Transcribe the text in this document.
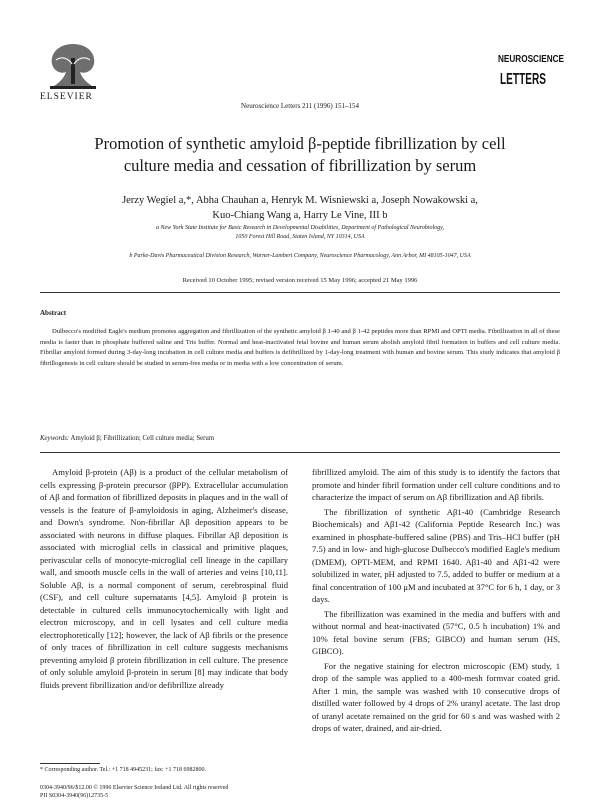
ELSEVIER
Neuroscience Letters 211 (1996) 151–154
NEUROSCIENCE
LETTERS
Promotion of synthetic amyloid β-peptide fibrillization by cell
culture media and cessation of fibrillization by serum
Jerzy Wegiel a,*, Abha Chauhan a, Henryk M. Wisniewski a, Joseph Nowakowski a,
Kuo-Chiang Wang a, Harry Le Vine, III b
a New York State Institute for Basic Research in Developmental Disabilities, Department of Pathological Neurobiology,
1050 Forest Hill Road, Staten Island, NY 10314, USA
b Parke-Davis Pharmaceutical Division Research, Warner-Lambert Company, Neuroscience Pharmacology, Ann Arbor, MI 48105-1047, USA
Received 10 October 1995; revised version received 15 May 1996; accepted 21 May 1996
Abstract
Dulbecco's modified Eagle's medium promotes aggregation and fibrillization of the synthetic amyloid β 1-40 and β 1-42 peptides more than RPMI and OPTI media. Fibrillization in all of these media is faster than in phosphate buffered saline and Tris buffer. Normal and heat-inactivated fetal bovine and human serum abolish amyloid fibril formation in buffers and cell culture media. Fibrillar amyloid formed during 3-day-long incubation in cell culture media and buffers is defibrillized by 1-day-long treatment with human and bovine serum. This study indicates that amyloid β fibrillogenesis in cell culture should be studied in serum-free media or in media with a low concentration of serum.
Keywords: Amyloid β; Fibrillization; Cell culture media; Serum

Amyloid β-protein (Aβ) is a product of the cellular metabolism of cells expressing β-protein precursor (βPP). Extracellular accumulation of Aβ and formation of fibrillized deposits in plaques and in the wall of vessels is the feature of β-amyloidosis in aging, Alzheimer's disease, and Down's syndrome. Non-fibrillar Aβ deposition appears to be associated with neurons in diffuse plaques. Fibrillar Aβ deposition is associated with microglial cells in classical and primitive plaques, perivascular cells of monocyte-microglial cell lineage in the capillary wall, and smooth muscle cells in the wall of arteries and veins [10,11]. Soluble Aβ, is a normal component of serum, cerebrospinal fluid (CSF), and cell culture supernatants [4,5]. Amyloid β protein is detectable in cultured cells immunocytochemically with light and electron microscopy, and in cell lysates and cell culture media electrophoretically [12]; however, the lack of Aβ fibrils or the presence of only traces of fibrillization in cell culture suggests mechanisms preventing amyloid β protein fibrillization in cell culture. The presence of only soluble amyloid β-protein in serum [8] may indicate that body fluids prevent fibrillization and/or defibrillize already

fibrillized amyloid. The aim of this study is to identify the factors that promote and hinder fibril formation under cell culture conditions and to characterize the impact of serum on Aβ fibrillization and Aβ fibrils.

The fibrillization of synthetic Aβ1-40 (Cambridge Research Biochemicals) and Aβ1-42 (California Peptide Research Inc.) was examined in phosphate-buffered saline (PBS) and Tris–HCl buffer (pH 7.5) and in low- and high-glucose Dulbecco's modified Eagle's medium (DMEM), OPTI-MEM, and RPMI 1640. Aβ1-40 and Aβ1-42 were solubilized in water, pH adjusted to 7.5, added to buffer or medium at a final concentration of 100 μM and incubated at 37°C for 6 h, 1 day, or 3 days.

The fibrillization was examined in the media and buffers with and without normal and heat-inactivated (57°C, 0.5 h incubation) 1% and 10% fetal bovine serum (FBS; GIBCO) and human serum (HS, GIBCO).

For the negative staining for electron microscopic (EM) study, 1 drop of the sample was applied to a 400-mesh formvar coated grid. After 1 min, the sample was washed with 10 consecutive drops of distilled water followed by 4 drops of 2% uranyl acetate. The last drop of uranyl acetate remained on the grid for 60 s and was washed with 2 drops of water, drained, and air-dried.

* Corresponding author. Tel.: +1 718 4945231; fax: +1 718 6982800.
0304-3940/96/$12.00 © 1996 Elsevier Science Ireland Ltd. All rights reserved
PII S0304-3940(96)12735-5
